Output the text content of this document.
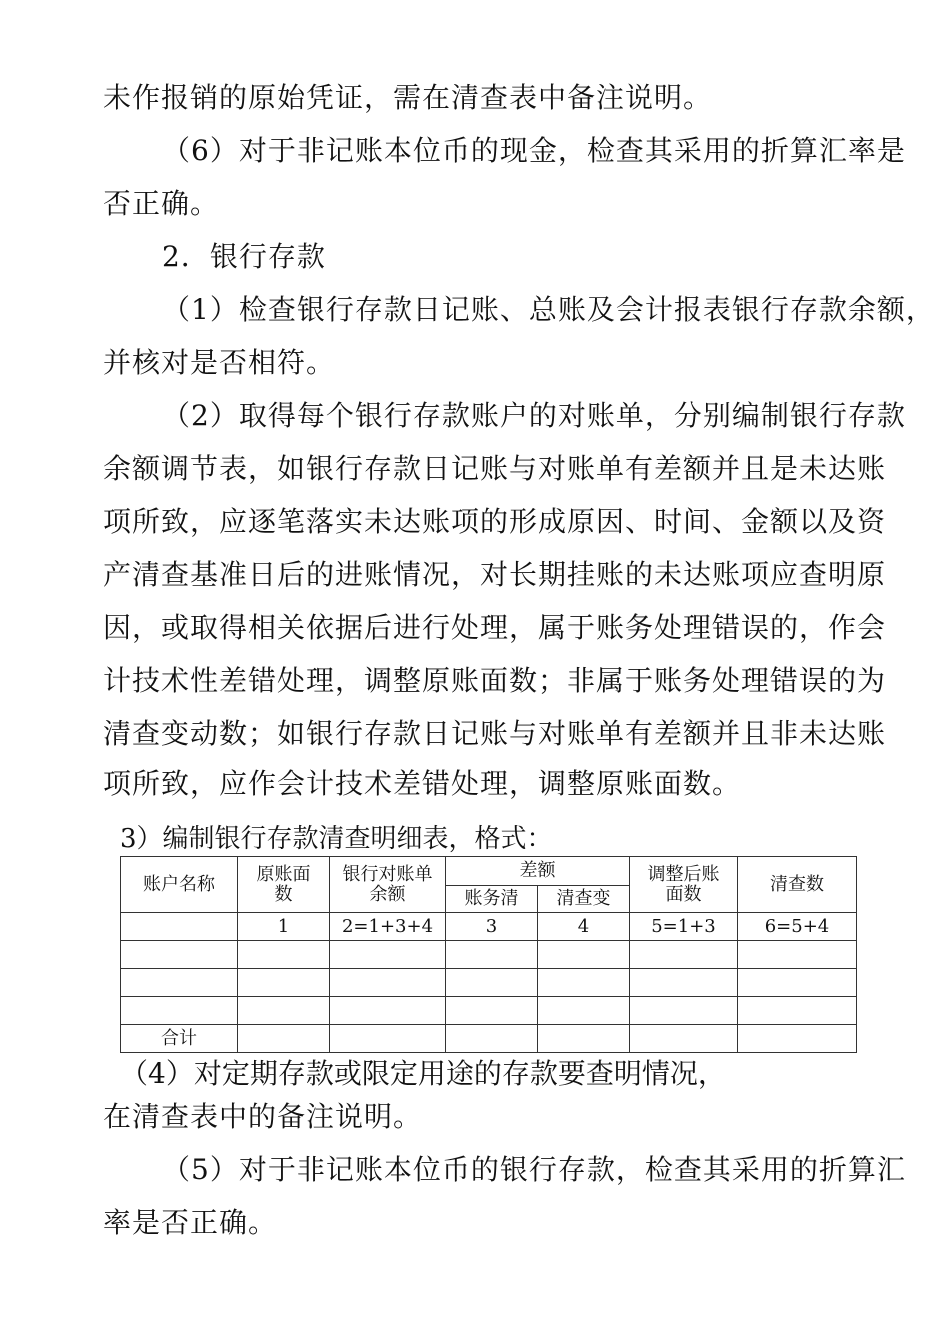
未作报销的原始凭证，需在清查表中备注说明。
（6）对于非记账本位币的现金，检查其采用的折算汇率是
否正确。
2．银行存款
（1）检查银行存款日记账、总账及会计报表银行存款余额，
并核对是否相符。
（2）取得每个银行存款账户的对账单，分别编制银行存款
余额调节表，如银行存款日记账与对账单有差额并且是未达账
项所致，应逐笔落实未达账项的形成原因、时间、金额以及资
产清查基准日后的进账情况，对长期挂账的未达账项应查明原
因，或取得相关依据后进行处理，属于账务处理错误的，作会
计技术性差错处理，调整原账面数；非属于账务处理错误的为
清查变动数；如银行存款日记账与对账单有差额并且非未达账
项所致，应作会计技术差错处理，调整原账面数。
3）编制银行存款清查明细表，格式：
账户名称	原账面数	银行对账单余额	差额		调整后账面数	清查数
			账务清	清查变		
	1	2=1+3+4	3	4	5=1+3	6=5+4

合计						
（4）对定期存款或限定用途的存款要查明情况，
在清查表中的备注说明。
（5）对于非记账本位币的银行存款，检查其采用的折算汇
率是否正确。
